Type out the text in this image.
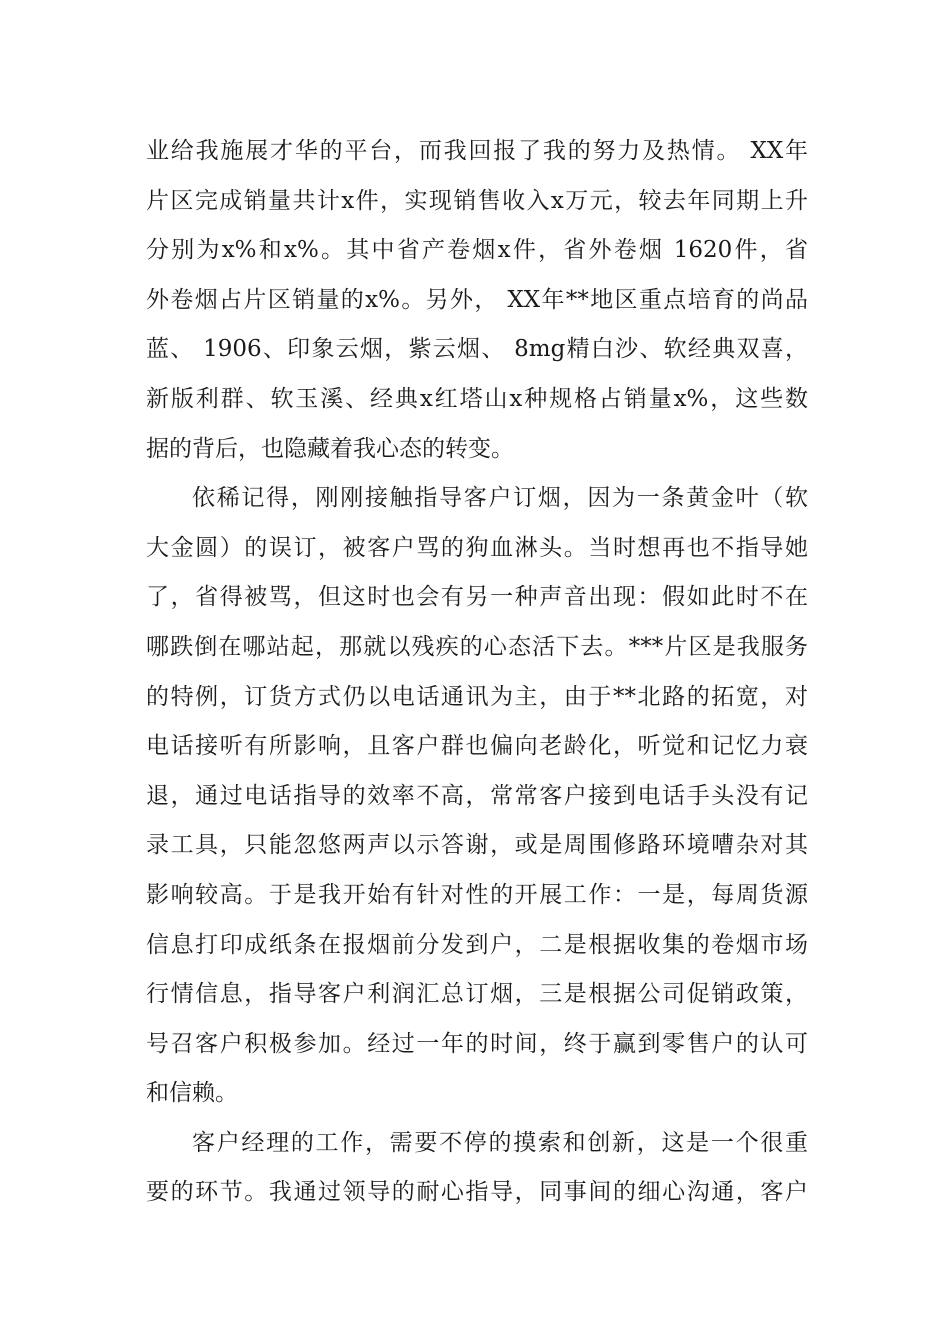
业给我施展才华的平台，而我回报了我的努力及热情。 XX年
片区完成销量共计x件，实现销售收入x万元，较去年同期上升
分别为x%和x%。其中省产卷烟x件，省外卷烟 1620件，省
外卷烟占片区销量的x%。另外， XX年**地区重点培育的尚品
蓝、 1906、印象云烟，紫云烟、 8mg精白沙、软经典双喜，
新版利群、软玉溪、经典x红塔山x种规格占销量x%，这些数
据的背后，也隐藏着我心态的转变。
依稀记得，刚刚接触指导客户订烟，因为一条黄金叶（软
大金圆）的误订，被客户骂的狗血淋头。当时想再也不指导她
了，省得被骂，但这时也会有另一种声音出现：假如此时不在
哪跌倒在哪站起，那就以残疾的心态活下去。***片区是我服务
的特例，订货方式仍以电话通讯为主，由于**北路的拓宽，对
电话接听有所影响，且客户群也偏向老龄化，听觉和记忆力衰
退，通过电话指导的效率不高，常常客户接到电话手头没有记
录工具，只能忽悠两声以示答谢，或是周围修路环境嘈杂对其
影响较高。于是我开始有针对性的开展工作：一是，每周货源
信息打印成纸条在报烟前分发到户，二是根据收集的卷烟市场
行情信息，指导客户利润汇总订烟，三是根据公司促销政策，
号召客户积极参加。经过一年的时间，终于赢到零售户的认可
和信赖。
客户经理的工作，需要不停的摸索和创新，这是一个很重
要的环节。我通过领导的耐心指导，同事间的细心沟通，客户
